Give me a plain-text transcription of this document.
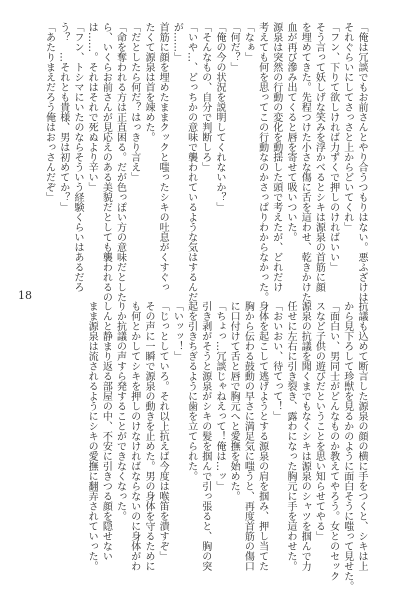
「俺は冗談でもお前さんとやり合うつもりはない。悪ふざけは
それぐらいにしてさっさと上からどいてくれ」
「フン、下りて欲しければ力ずくで押しのければいい」
そう言って妖しげな笑みを浮かべるとシキは源泉の首筋に顔
を埋めてきた。先程つけた小さな傷に舌を這わせ、乾きかけた
血が再び滲み出てくると唇を寄せて吸いついた。
源泉は突然の行動の変化を動揺した頭で考えたが、どれだけ
考えても何を思ってこの行動なのかさっぱりわからなかった。
「なぁ」
「何だ？」
「俺の今の状況を説明してくれないか？」
「そんなもの、自分で判断しろ」
「いや…、どっちかの意味で襲われているような気はするんだ
が……」
首筋に顔を埋めたままクックと嗤ったシキの吐息がくすぐっ
たくて源泉は首を竦めた。
「だとしたら何だ？はっきり言え」
「命を奪われる方は正直困る。だが色っぽい方の意味だとした
ら、いくらお前さんが見応えのある美貌だとしても襲われるの
は……。それはそれで死ぬより辛い」
「フン、トシマにいたのならそういう経験くらいはあるだろ
う？　…それとも貴様、男は初めてか？」
「あたりまえだろう俺はおっさんだぞ」
抗議も込めて断言した源泉の顔の横に手をつくと、シキは上
から見下ろして珍獣を見るかのように面白そうに嗤って見せた。
「面白い、男同士がどんなものか教えてやろう。女とのセック
スなど子供の遊びだということを思い知らせてやる」
源泉の抗議を聞くまでもなくシキは源泉のシャツを掴んで力
任せに左右に引き裂き、露わになった胸元に手を這わせた。
「おいおい、待てって！」
身体を起こして逃げようとする源泉の肩を掴み、押し当てた
胸から伝わる鼓動の早さに満足気に嗤うと、再度首筋の傷口
に口付けて舌と唇で胸元へと愛撫を始めた。
「ちょっ…冗談じゃねえって！俺は…ッ」
引き剥がそうと源泉がシキの髪を掴んで引っ張ると、胸の突
起を引きちぎるように歯を立てられた。
「いッッ！」
「じっとしていろ。それ以上抗えば今度は喉笛を潰すぞ」
その声に一瞬で源泉の動きを止めた。男の身体を守るために
も何とかしてシキを押しのけなければならないのに身体がわ
りか抗議の声すら発することができなくなった。
しんと静まり返る部屋の中、不安に引きつる顔を隠せない
まま源泉は流されるようにシキの愛撫に翻弄されていった。
18
